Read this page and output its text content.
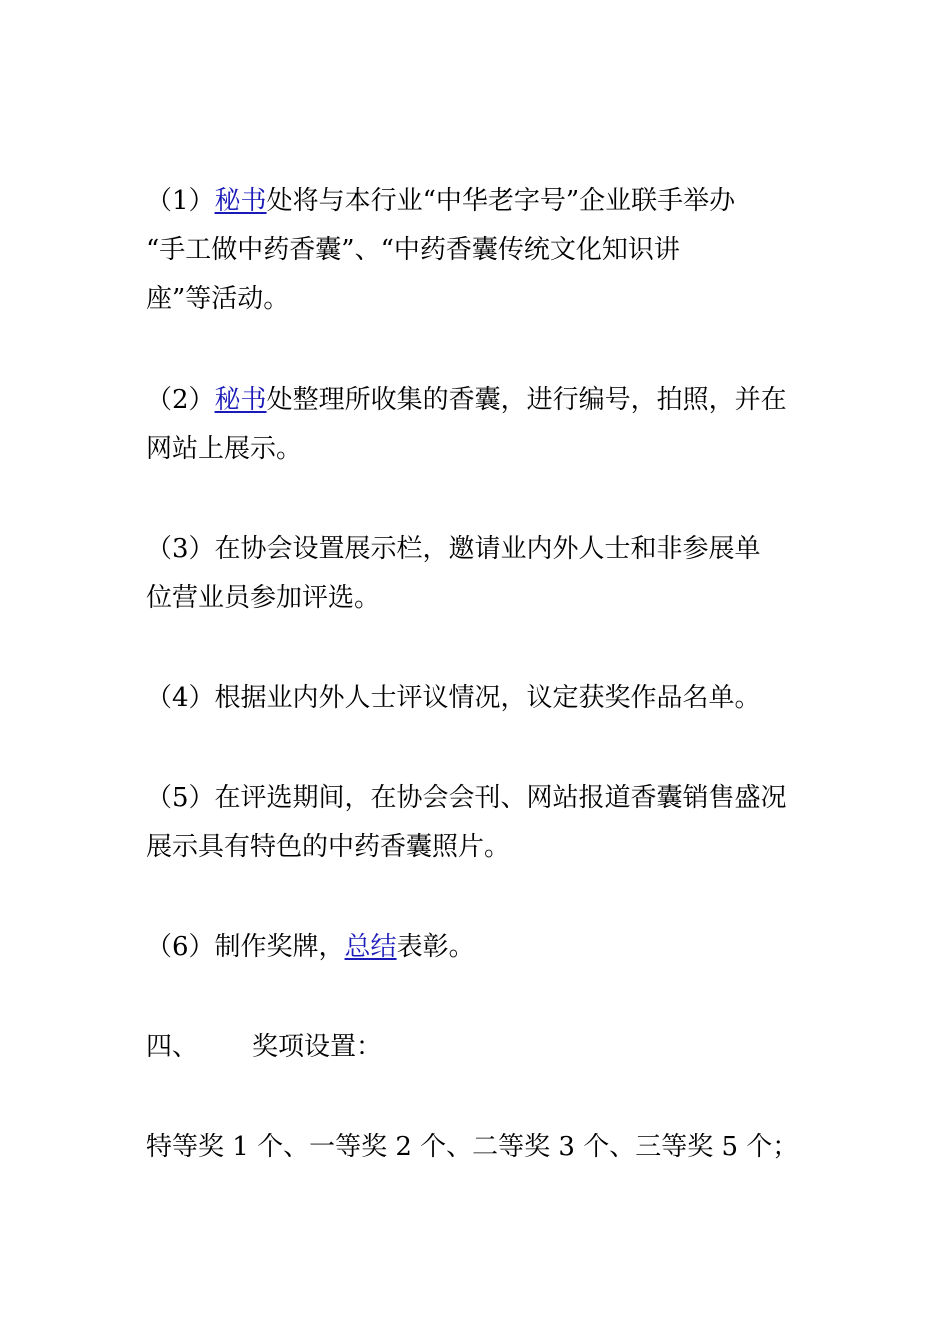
（1）秘书处将与本行业“中华老字号”企业联手举办
“手工做中药香囊”、“中药香囊传统文化知识讲
座”等活动。

（2）秘书处整理所收集的香囊，进行编号，拍照，并在
网站上展示。

（3）在协会设置展示栏，邀请业内外人士和非参展单
位营业员参加评选。

（4）根据业内外人士评议情况，议定获奖作品名单。

（5）在评选期间，在协会会刊、网站报道香囊销售盛况
展示具有特色的中药香囊照片。

（6）制作奖牌，总结表彰。

四、 奖项设置：

特等奖 1 个、一等奖 2 个、二等奖 3 个、三等奖 5 个；
